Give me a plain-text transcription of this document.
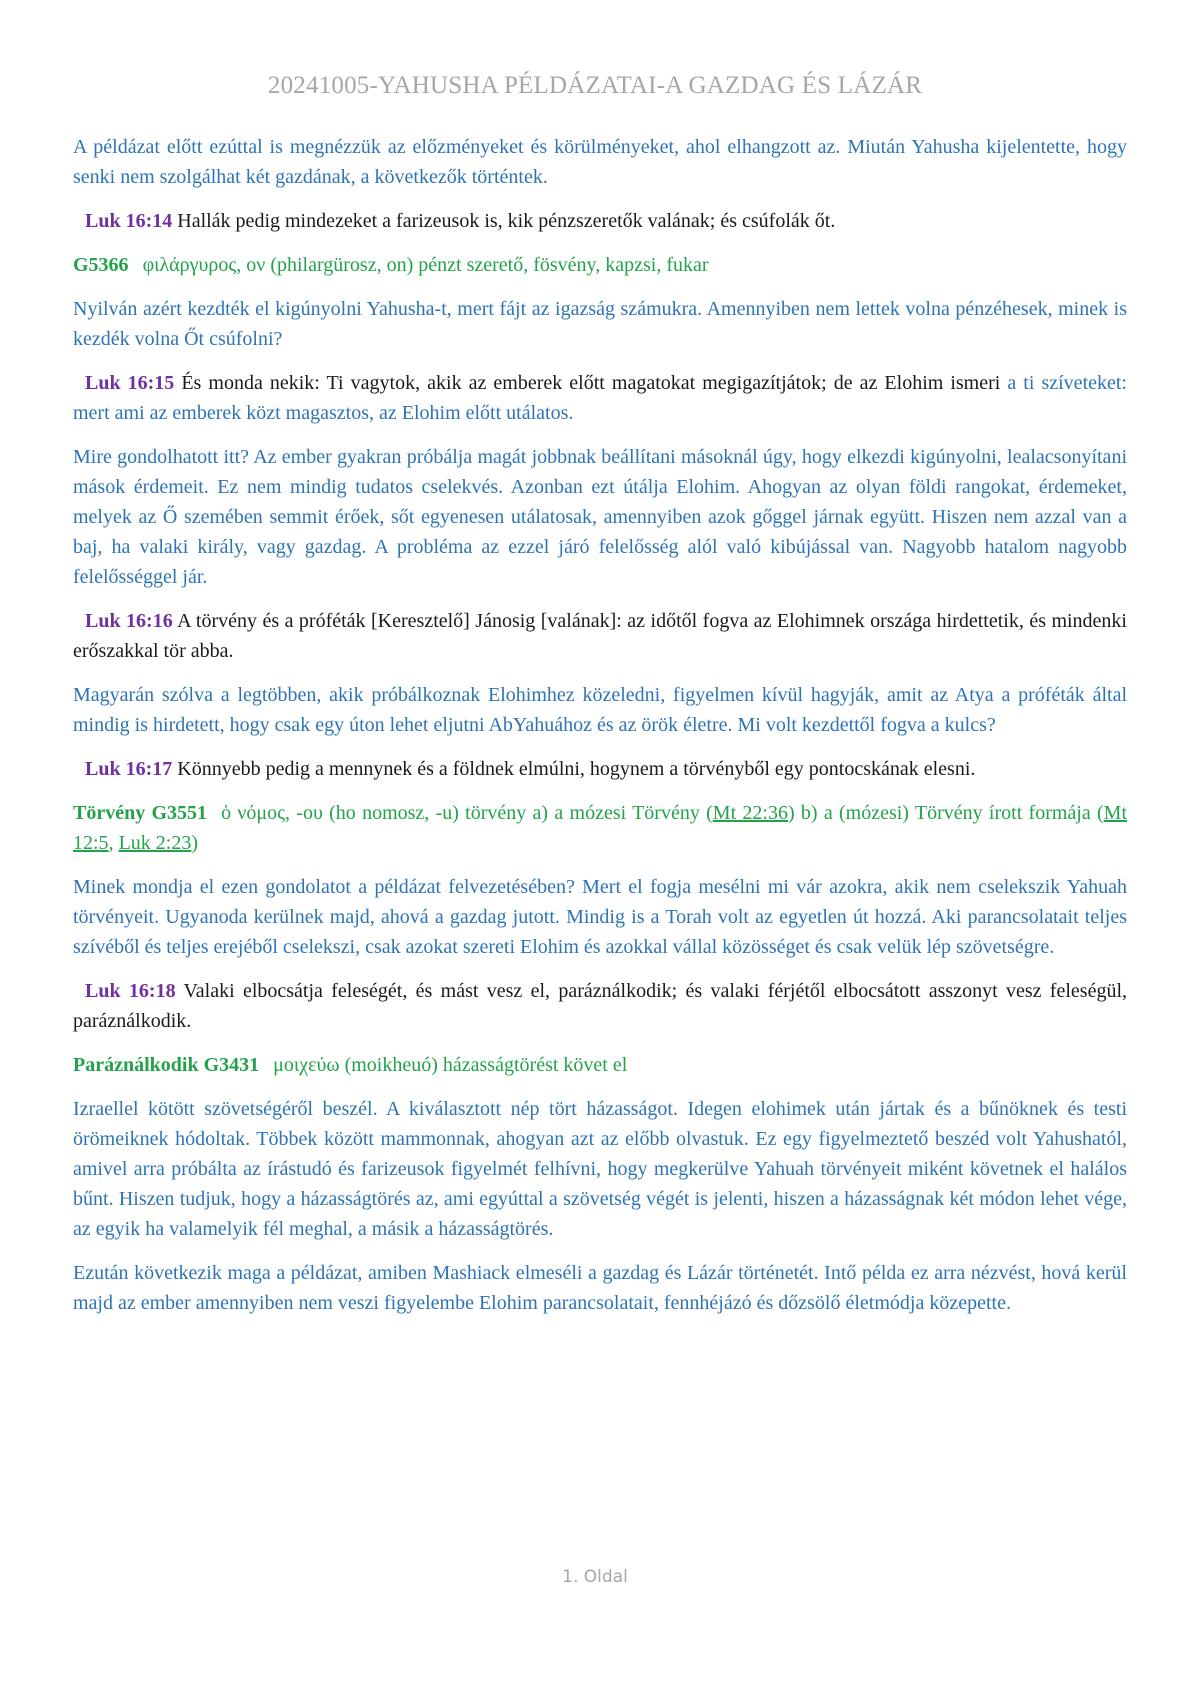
20241005-YAHUSHA PÉLDÁZATAI-A GAZDAG ÉS LÁZÁR

A példázat előtt ezúttal is megnézzük az előzményeket és körülményeket, ahol elhangzott az. Miután Yahusha kijelentette, hogy senki nem szolgálhat két gazdának, a következők történtek.

Luk 16:14 Hallák pedig mindezeket a farizeusok is, kik pénzszeretők valának; és csúfolák őt.

G5366 φιλάργυρος, ον (philargürosz, on) pénzt szerető, fösvény, kapzsi, fukar

Nyilván azért kezdték el kigúnyolni Yahusha-t, mert fájt az igazság számukra. Amennyiben nem lettek volna pénzéhesek, minek is kezdék volna Őt csúfolni?

Luk 16:15 És monda nekik: Ti vagytok, akik az emberek előtt magatokat megigazítjátok; de az Elohim ismeri a ti szíveteket: mert ami az emberek közt magasztos, az Elohim előtt utálatos.

Mire gondolhatott itt? Az ember gyakran próbálja magát jobbnak beállítani másoknál úgy, hogy elkezdi kigúnyolni, lealacsonyítani mások érdemeit. Ez nem mindig tudatos cselekvés. Azonban ezt útálja Elohim. Ahogyan az olyan földi rangokat, érdemeket, melyek az Ő szemében semmit érőek, sőt egyenesen utálatosak, amennyiben azok gőggel járnak együtt. Hiszen nem azzal van a baj, ha valaki király, vagy gazdag. A probléma az ezzel járó felelősség alól való kibújással van. Nagyobb hatalom nagyobb felelősséggel jár.

Luk 16:16 A törvény és a próféták [Keresztelő] Jánosig [valának]: az időtől fogva az Elohimnek országa hirdettetik, és mindenki erőszakkal tör abba.

Magyarán szólva a legtöbben, akik próbálkoznak Elohimhez közeledni, figyelmen kívül hagyják, amit az Atya a próféták által mindig is hirdetett, hogy csak egy úton lehet eljutni AbYahuához és az örök életre. Mi volt kezdettől fogva a kulcs?

Luk 16:17 Könnyebb pedig a mennynek és a földnek elmúlni, hogynem a törvényből egy pontocskának elesni.

Törvény G3551 ὁ νόμος, -ου (ho nomosz, -u) törvény a) a mózesi Törvény (Mt 22:36) b) a (mózesi) Törvény írott formája (Mt 12:5, Luk 2:23)

Minek mondja el ezen gondolatot a példázat felvezetésében? Mert el fogja mesélni mi vár azokra, akik nem cselekszik Yahuah törvényeit. Ugyanoda kerülnek majd, ahová a gazdag jutott. Mindig is a Torah volt az egyetlen út hozzá. Aki parancsolatait teljes szívéből és teljes erejéből cselekszi, csak azokat szereti Elohim és azokkal vállal közösséget és csak velük lép szövetségre.

Luk 16:18 Valaki elbocsátja feleségét, és mást vesz el, paráználkodik; és valaki férjétől elbocsátott asszonyt vesz feleségül, paráználkodik.

Paráználkodik G3431 μοιχεύω (moikheuó) házasságtörést követ el

Izraellel kötött szövetségéről beszél. A kiválasztott nép tört házasságot. Idegen elohimek után jártak és a bűnöknek és testi örömeiknek hódoltak. Többek között mammonnak, ahogyan azt az előbb olvastuk. Ez egy figyelmeztető beszéd volt Yahushatól, amivel arra próbálta az írástudó és farizeusok figyelmét felhívni, hogy megkerülve Yahuah törvényeit miként követnek el halálos bűnt. Hiszen tudjuk, hogy a házasságtörés az, ami egyúttal a szövetség végét is jelenti, hiszen a házasságnak két módon lehet vége, az egyik ha valamelyik fél meghal, a másik a házasságtörés.

Ezután következik maga a példázat, amiben Mashiack elmeséli a gazdag és Lázár történetét. Intő példa ez arra nézvést, hová kerül majd az ember amennyiben nem veszi figyelembe Elohim parancsolatait, fennhéjázó és dőzsölő életmódja közepette.

1. Oldal
